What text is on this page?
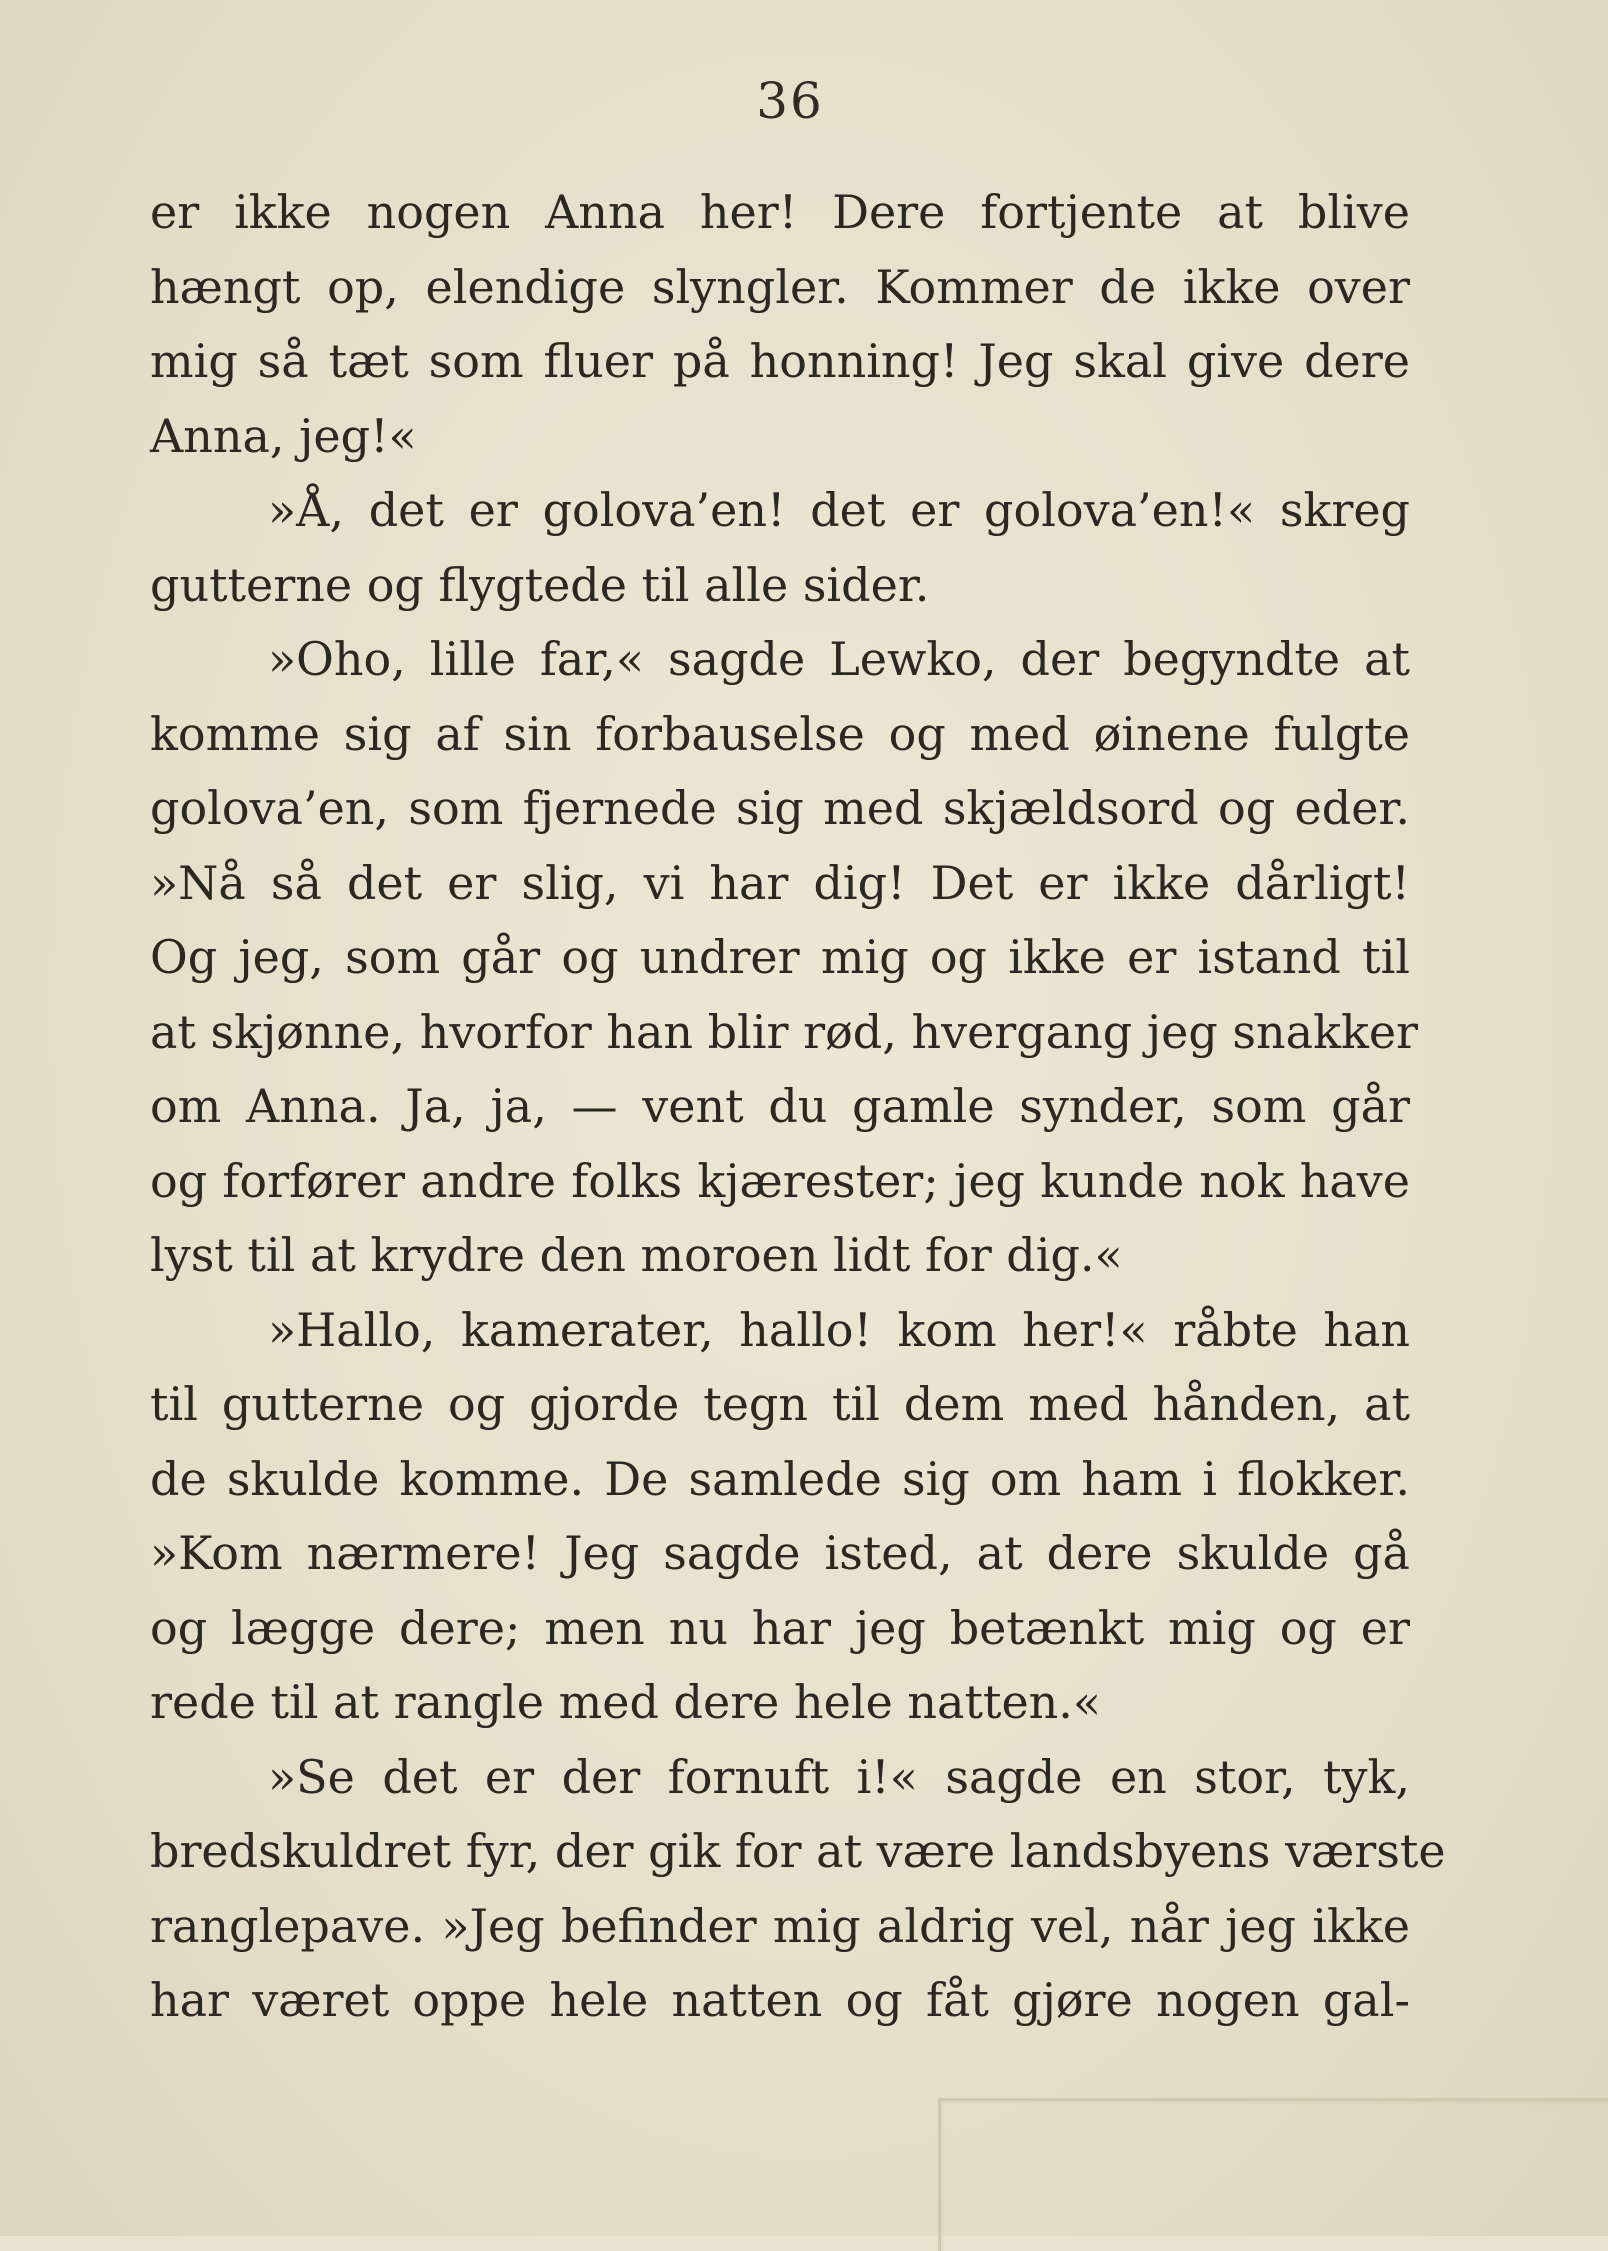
36
er ikke nogen Anna her! Dere fortjente at blive
hængt op, elendige slyngler. Kommer de ikke over
mig så tæt som fluer på honning! Jeg skal give dere
Anna, jeg!«
»Å, det er golova’en! det er golova’en!« skreg
gutterne og flygtede til alle sider.
»Oho, lille far,« sagde Lewko, der begyndte at
komme sig af sin forbauselse og med øinene fulgte
golova’en, som fjernede sig med skjældsord og eder.
»Nå så det er slig, vi har dig! Det er ikke dårligt!
Og jeg, som går og undrer mig og ikke er istand til
at skjønne, hvorfor han blir rød, hvergang jeg snakker
om Anna. Ja, ja, — vent du gamle synder, som går
og forfører andre folks kjærester; jeg kunde nok have
lyst til at krydre den moroen lidt for dig.«
»Hallo, kamerater, hallo! kom her!« råbte han
til gutterne og gjorde tegn til dem med hånden, at
de skulde komme. De samlede sig om ham i flokker.
»Kom nærmere! Jeg sagde isted, at dere skulde gå
og lægge dere; men nu har jeg betænkt mig og er
rede til at rangle med dere hele natten.«
»Se det er der fornuft i!« sagde en stor, tyk,
bredskuldret fyr, der gik for at være landsbyens værste
ranglepave. »Jeg befinder mig aldrig vel, når jeg ikke
har været oppe hele natten og fåt gjøre nogen gal-
